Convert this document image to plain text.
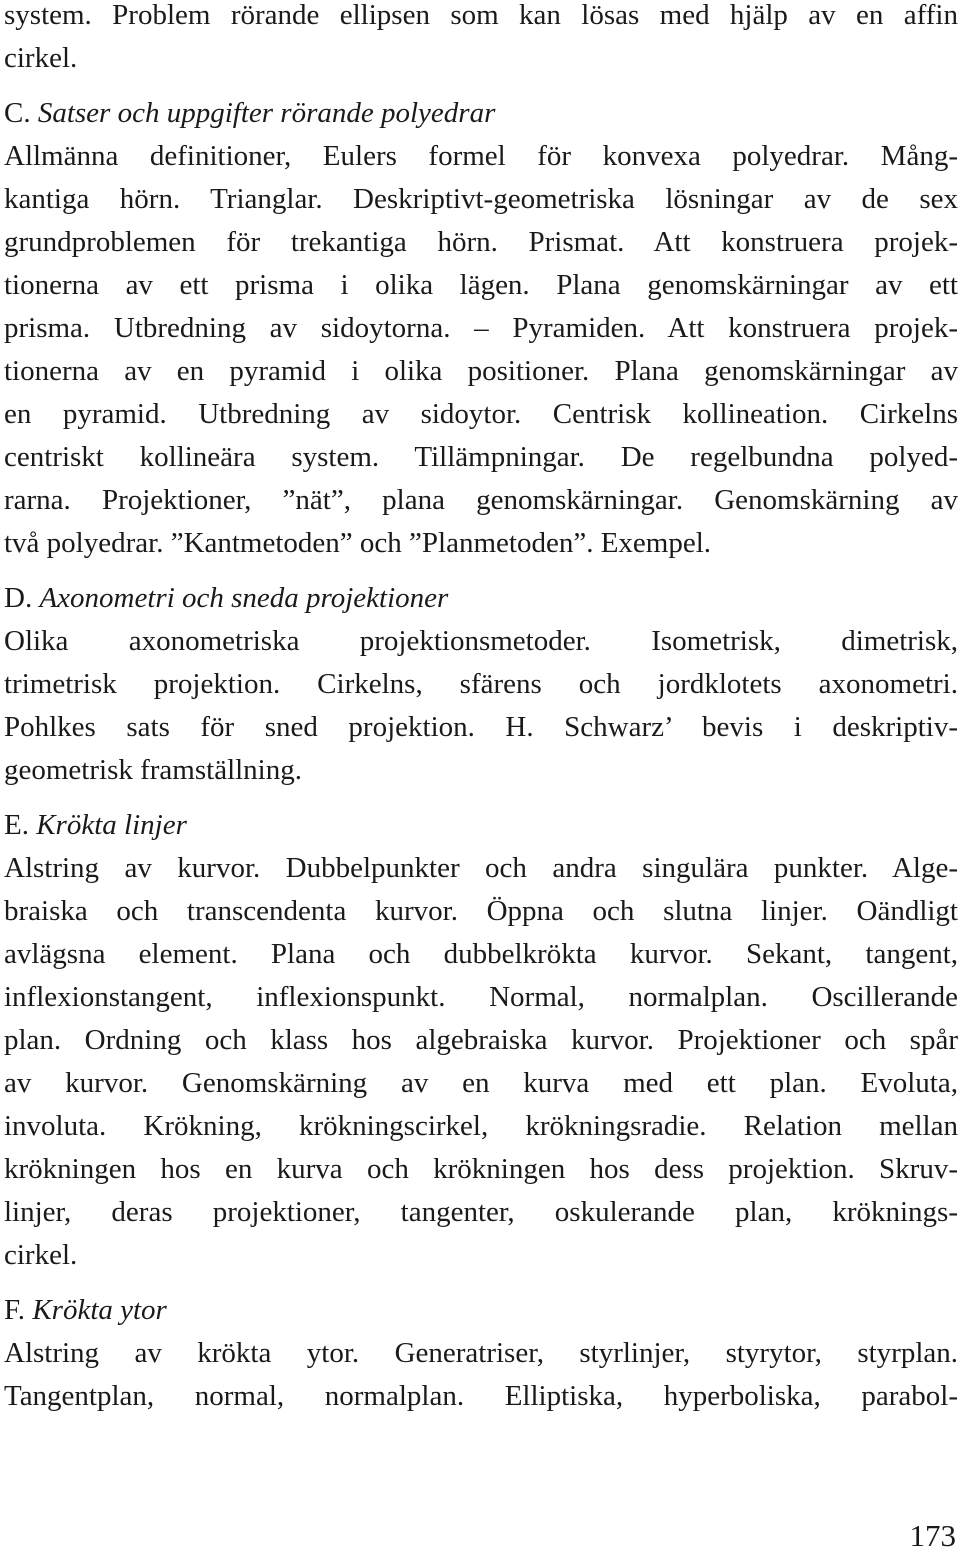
system. Problem rörande ellipsen som kan lösas med hjälp av en affin
cirkel.
C. Satser och uppgifter rörande polyedrar
Allmänna definitioner, Eulers formel för konvexa polyedrar. Mång-
kantiga hörn. Trianglar. Deskriptivt-geometriska lösningar av de sex
grundproblemen för trekantiga hörn. Prismat. Att konstruera projek-
tionerna av ett prisma i olika lägen. Plana genomskärningar av ett
prisma. Utbredning av sidoytorna. – Pyramiden. Att konstruera projek-
tionerna av en pyramid i olika positioner. Plana genomskärningar av
en pyramid. Utbredning av sidoytor. Centrisk kollineation. Cirkelns
centriskt kollineära system. Tillämpningar. De regelbundna polyed-
rarna. Projektioner, ”nät”, plana genomskärningar. Genomskärning av
två polyedrar. ”Kantmetoden” och ”Planmetoden”. Exempel.
D. Axonometri och sneda projektioner
Olika axonometriska projektionsmetoder. Isometrisk, dimetrisk,
trimetrisk projektion. Cirkelns, sfärens och jordklotets axonometri.
Pohlkes sats för sned projektion. H. Schwarz’ bevis i deskriptiv-
geometrisk framställning.
E. Krökta linjer
Alstring av kurvor. Dubbelpunkter och andra singulära punkter. Alge-
braiska och transcendenta kurvor. Öppna och slutna linjer. Oändligt
avlägsna element. Plana och dubbelkrökta kurvor. Sekant, tangent,
inflexionstangent, inflexionspunkt. Normal, normalplan. Oscillerande
plan. Ordning och klass hos algebraiska kurvor. Projektioner och spår
av kurvor. Genomskärning av en kurva med ett plan. Evoluta,
involuta. Krökning, krökningscirkel, krökningsradie. Relation mellan
krökningen hos en kurva och krökningen hos dess projektion. Skruv-
linjer, deras projektioner, tangenter, oskulerande plan, kröknings-
cirkel.
F. Krökta ytor
Alstring av krökta ytor. Generatriser, styrlinjer, styrytor, styrplan.
Tangentplan, normal, normalplan. Elliptiska, hyperboliska, parabol-
173
